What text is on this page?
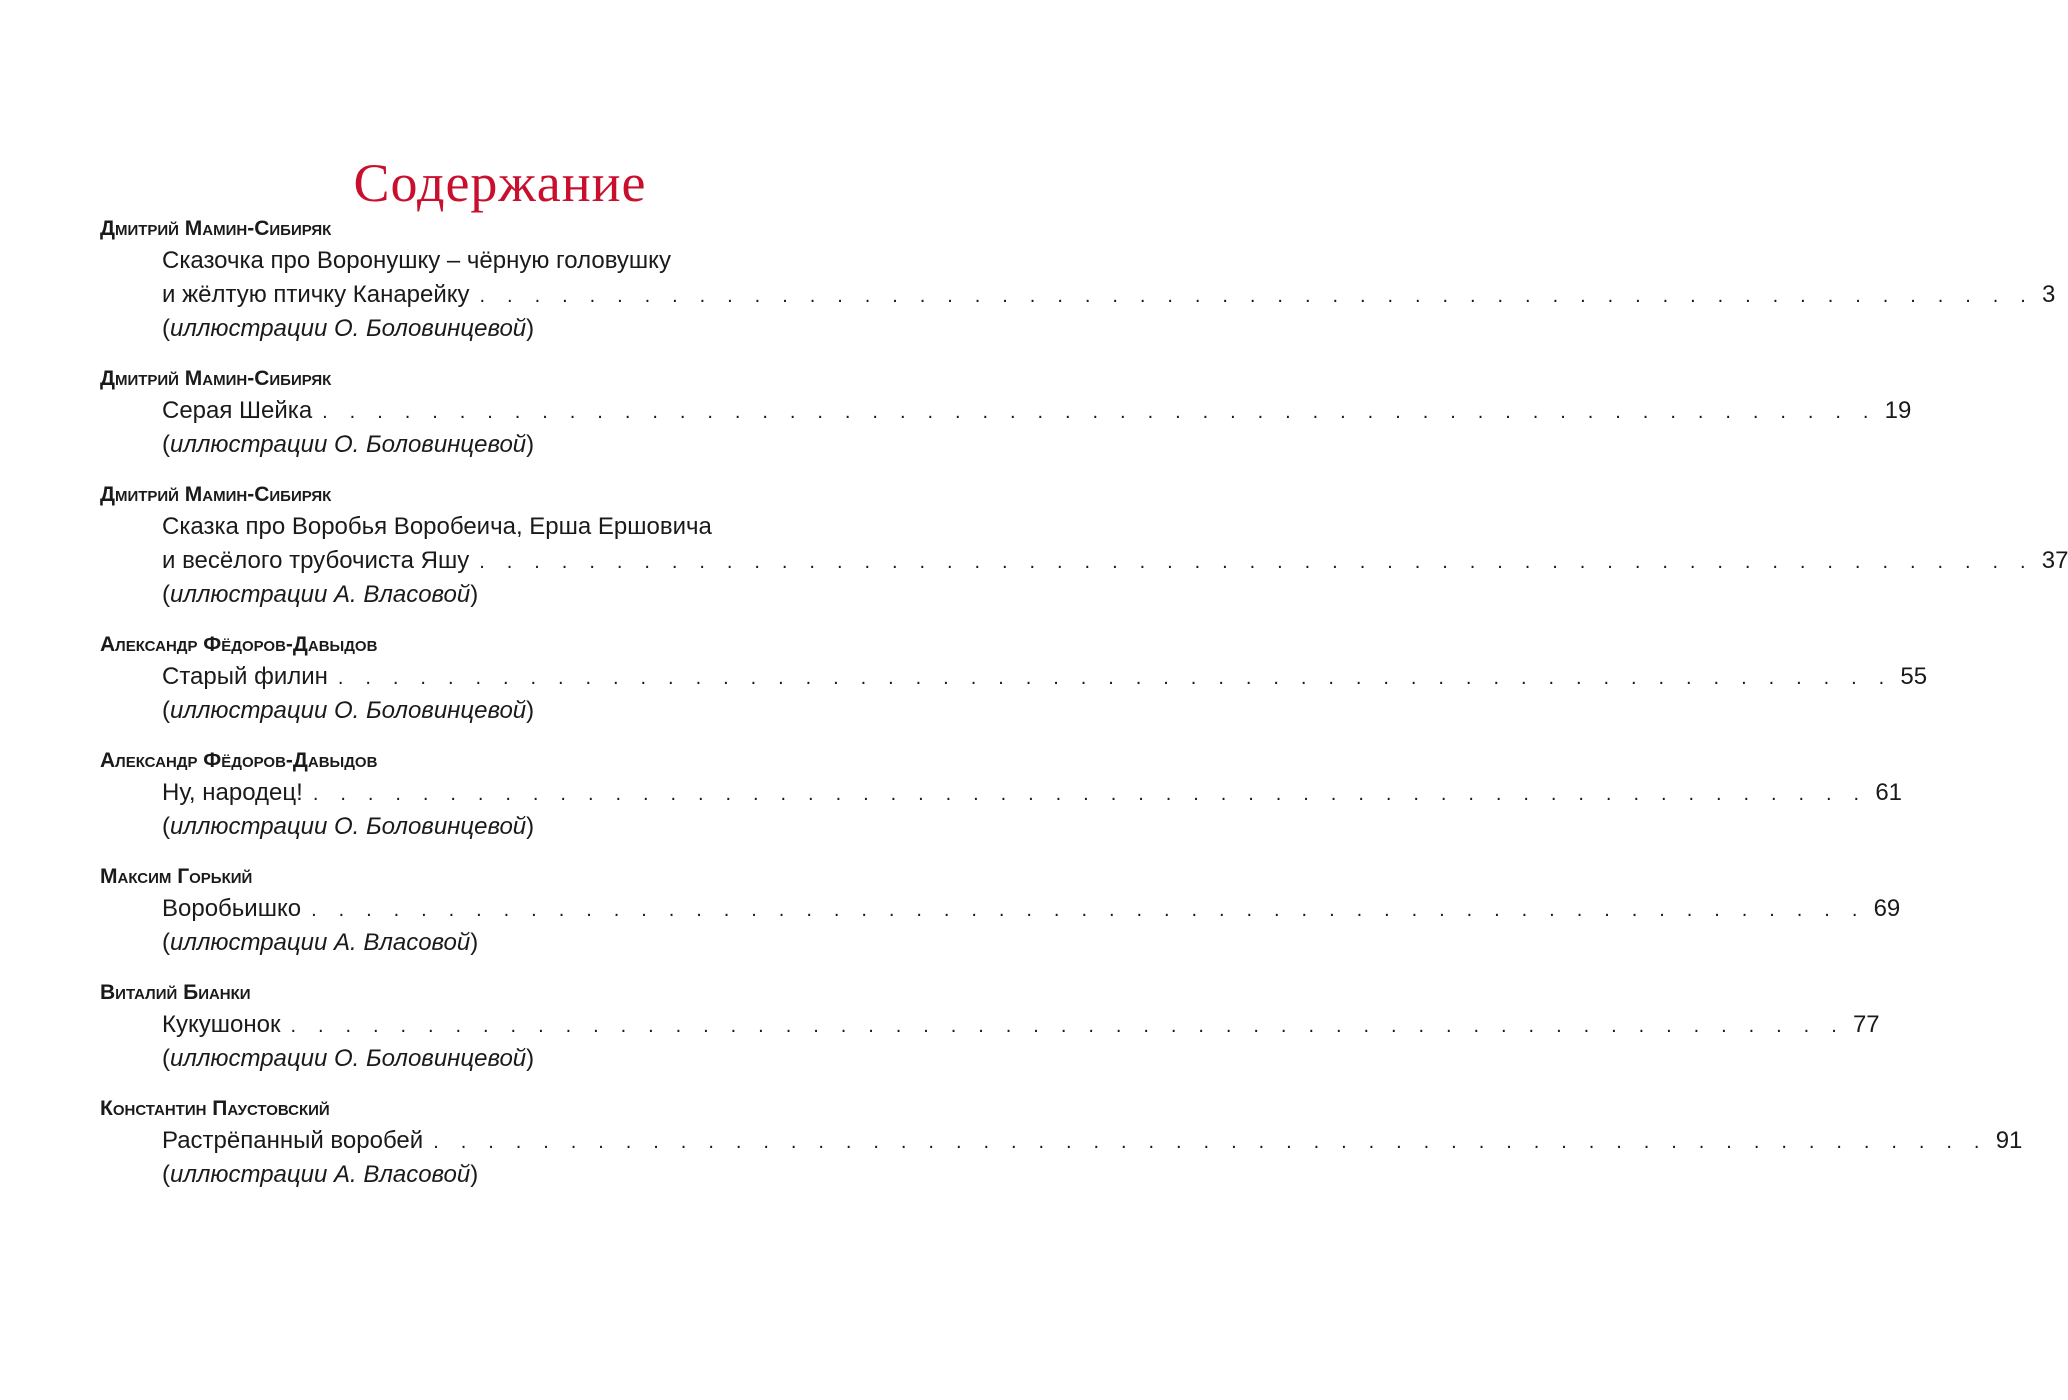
Содержание
Дмитрий Мамин-Сибиряк
Сказочка про Воронушку – чёрную головушку
и жёлтую птичку Канарейку . . . . . . . . . . . . . . . . . . . . . . . . . . . . . . . . . . . . . . . . . . . . . . . . . . . . . . . . . 3
(иллюстрации О. Боловинцевой)
Дмитрий Мамин-Сибиряк
Серая Шейка . . . . . . . . . . . . . . . . . . . . . . . . . . . . . . . . . . . . . . . . . . . . . . . . . . . . . . . . . 19
(иллюстрации О. Боловинцевой)
Дмитрий Мамин-Сибиряк
Сказка про Воробья Воробеича, Ерша Ершовича
и весёлого трубочиста Яшу . . . . . . . . . . . . . . . . . . . . . . . . . . . . . . . . . . . . . . . . . . . . . . . . . . . . . . . . . 37
(иллюстрации А. Власовой)
Александр Фёдоров-Давыдов
Старый филин . . . . . . . . . . . . . . . . . . . . . . . . . . . . . . . . . . . . . . . . . . . . . . . . . . . . . . . . . 55
(иллюстрации О. Боловинцевой)
Александр Фёдоров-Давыдов
Ну, народец! . . . . . . . . . . . . . . . . . . . . . . . . . . . . . . . . . . . . . . . . . . . . . . . . . . . . . . . . . 61
(иллюстрации О. Боловинцевой)
Максим Горький
Воробьишко . . . . . . . . . . . . . . . . . . . . . . . . . . . . . . . . . . . . . . . . . . . . . . . . . . . . . . . . . 69
(иллюстрации А. Власовой)
Виталий Бианки
Кукушонок . . . . . . . . . . . . . . . . . . . . . . . . . . . . . . . . . . . . . . . . . . . . . . . . . . . . . . . . . 77
(иллюстрации О. Боловинцевой)
Константин Паустовский
Растрёпанный воробей . . . . . . . . . . . . . . . . . . . . . . . . . . . . . . . . . . . . . . . . . . . . . . . . . . . . . . . . . 91
(иллюстрации А. Власовой)
